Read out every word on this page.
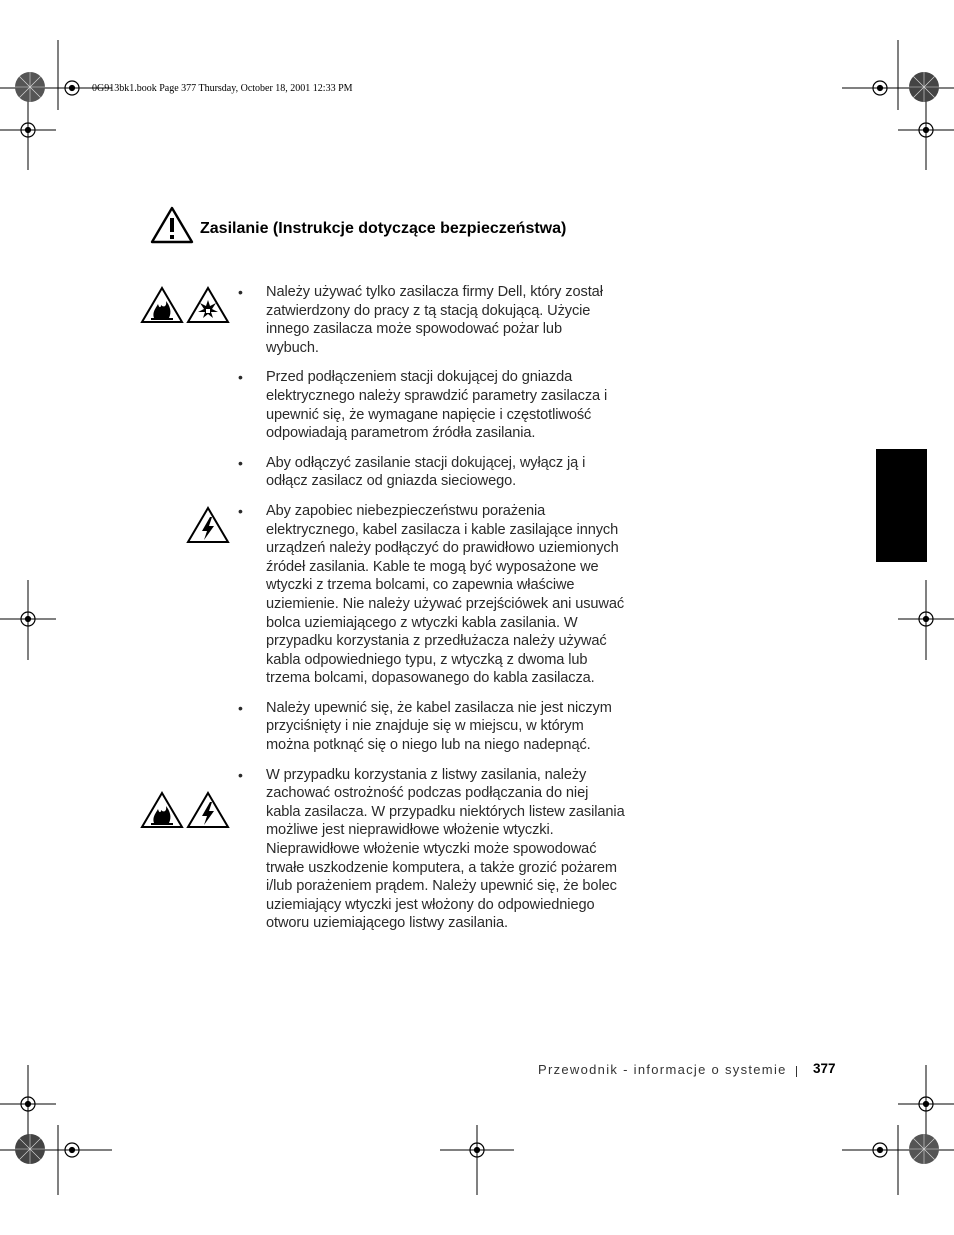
0G913bk1.book Page 377 Thursday, October 18, 2001 12:33 PM
Zasilanie (Instrukcje dotyczące bezpieczeństwa)
• Należy używać tylko zasilacza firmy Dell, który został zatwierdzony do pracy z tą stacją dokującą. Użycie innego zasilacza może spowodować pożar lub wybuch.
• Przed podłączeniem stacji dokującej do gniazda elektrycznego należy sprawdzić parametry zasilacza i upewnić się, że wymagane napięcie i częstotliwość odpowiadają parametrom źródła zasilania.
• Aby odłączyć zasilanie stacji dokującej, wyłącz ją i odłącz zasilacz od gniazda sieciowego.
• Aby zapobiec niebezpieczeństwu porażenia elektrycznego, kabel zasilacza i kable zasilające innych urządzeń należy podłączyć do prawidłowo uziemionych źródeł zasilania. Kable te mogą być wyposażone we wtyczki z trzema bolcami, co zapewnia właściwe uziemienie. Nie należy używać przejściówek ani usuwać bolca uziemiającego z wtyczki kabla zasilania. W przypadku korzystania z przedłużacza należy używać kabla odpowiedniego typu, z wtyczką z dwoma lub trzema bolcami, dopasowanego do kabla zasilacza.
• Należy upewnić się, że kabel zasilacza nie jest niczym przyciśnięty i nie znajduje się w miejscu, w którym można potknąć się o niego lub na niego nadepnąć.
• W przypadku korzystania z listwy zasilania, należy zachować ostrożność podczas podłączania do niej kabla zasilacza. W przypadku niektórych listew zasilania możliwe jest nieprawidłowe włożenie wtyczki. Nieprawidłowe włożenie wtyczki może spowodować trwałe uszkodzenie komputera, a także grozić pożarem i/lub porażeniem prądem. Należy upewnić się, że bolec uziemiający wtyczki jest włożony do odpowiedniego otworu uziemiającego listwy zasilania.
Przewodnik - informacje o systemie 377
